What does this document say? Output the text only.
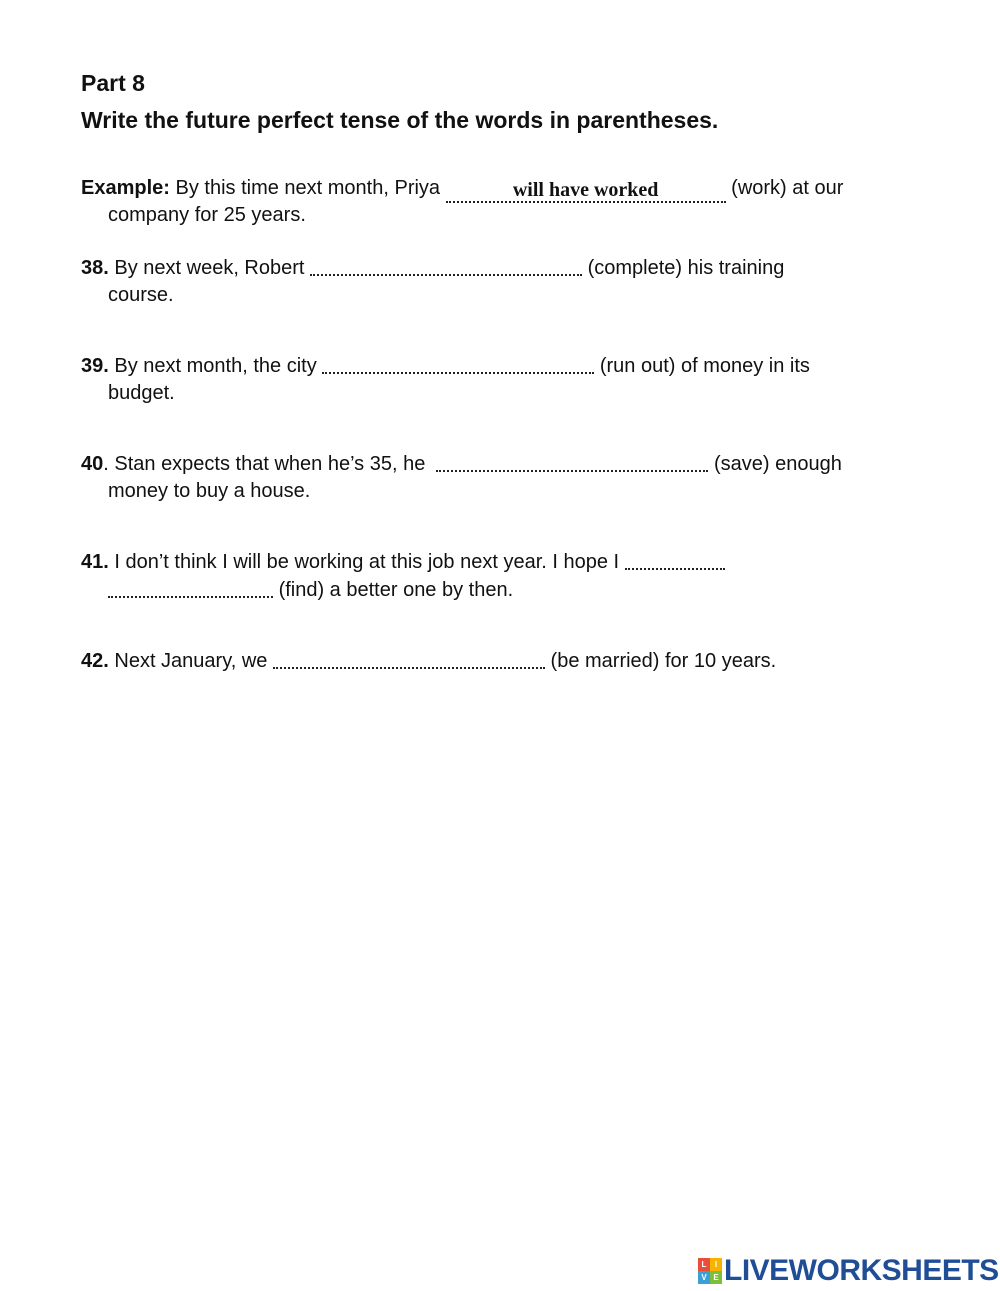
Part 8
Write the future perfect tense of the words in parentheses.
Example: By this time next month, Priya	will have worked	(work) at our
company for 25 years.
38. By next week, Robert	(complete) his training
course.
39. By next month, the city	(run out) of money in its
budget.
40. Stan expects that when he’s 35, he	(save) enough
money to buy a house.
41. I don’t think I will be working at this job next year. I hope I
(find) a better one by then.
42. Next January, we	(be married) for 10 years.
L	I
V E LIVEWORKSHEETS
